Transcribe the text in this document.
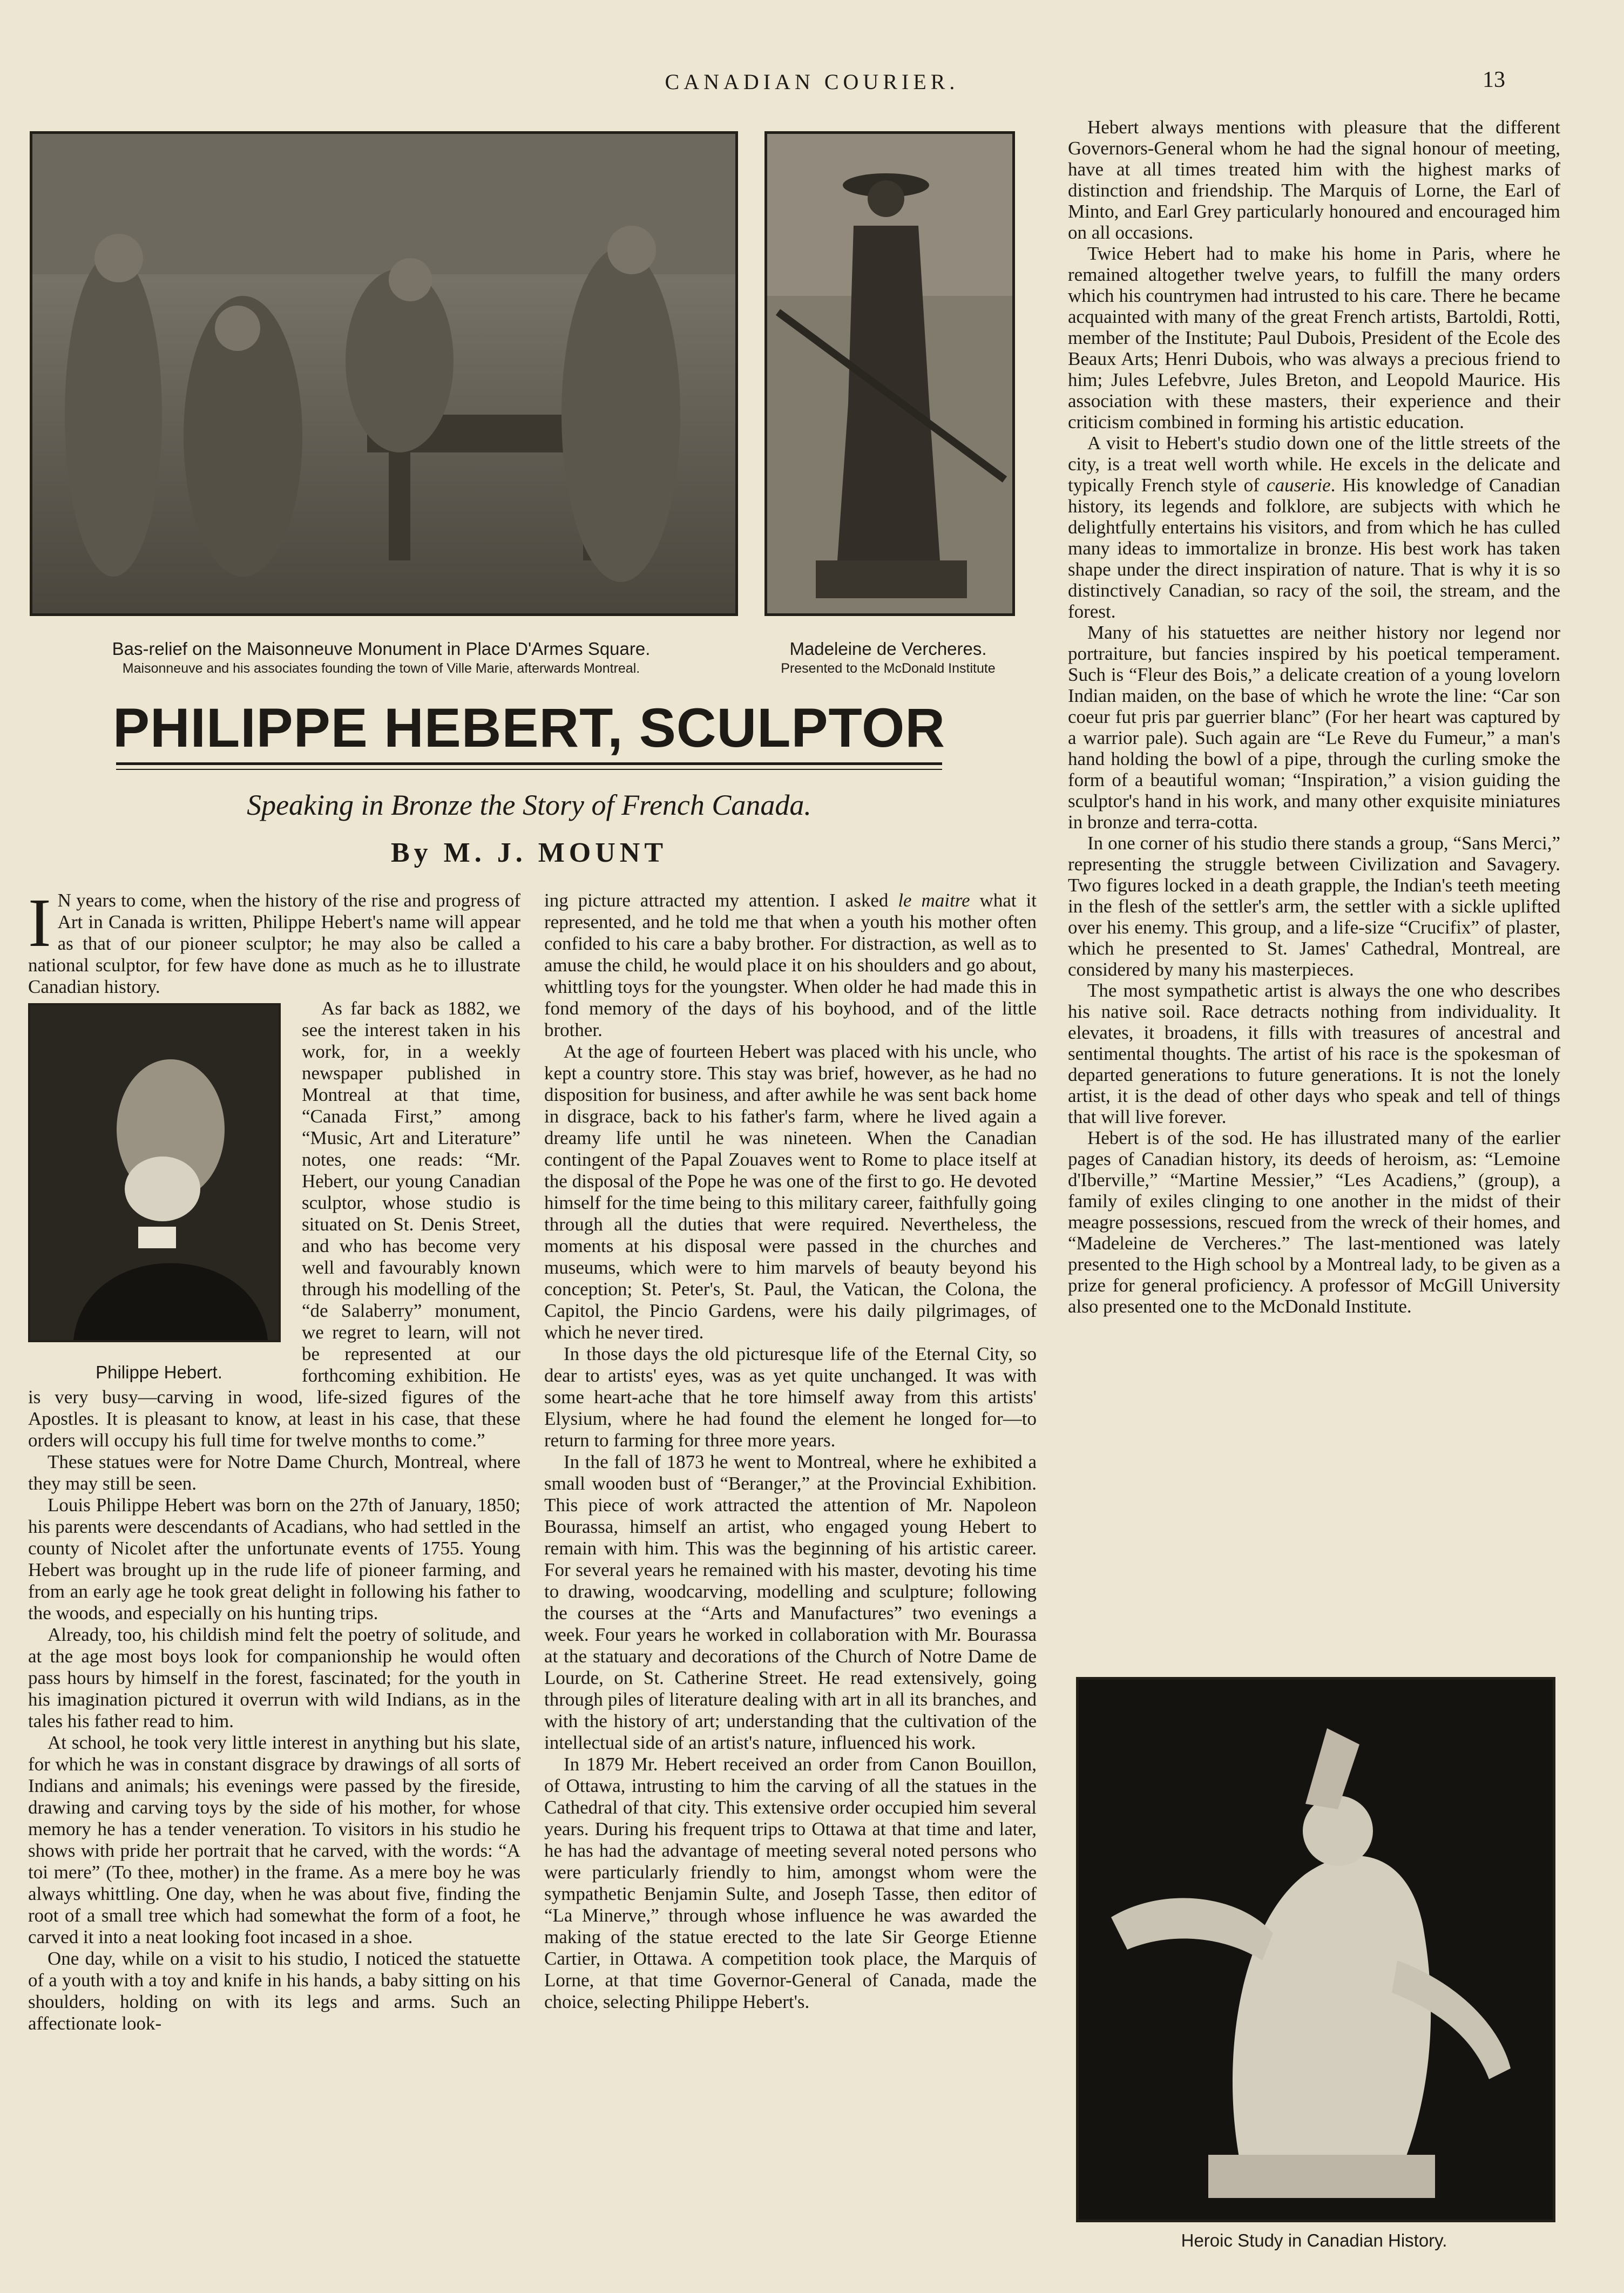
CANADIAN COURIER.	13
Bas-relief on the Maisonneuve Monument in Place D'Armes Square.
Maisonneuve and his associates founding the town of Ville Marie, afterwards Montreal.
Madeleine de Vercheres.
Presented to the McDonald Institute
PHILIPPE HEBERT, SCULPTOR
Speaking in Bronze the Story of French Canada.
By M. J. MOUNT

I N years to come, when the history of the rise and progress of Art in Canada is written, Philippe Hebert's name will appear as that of our pioneer sculptor; he may also be called a national sculptor, for few have done as much as he to illustrate Canadian history.

Philippe Hebert.

As far back as 1882, we see the interest taken in his work, for, in a weekly newspaper published in Montreal at that time, “Canada First,” among “Music, Art and Literature” notes, one reads: “Mr. Hebert, our young Canadian sculptor, whose studio is situated on St. Denis Street, and who has become very well and favourably known through his modelling of the “de Salaberry” monument, we regret to learn, will not be represented at our forthcoming exhibition. He is very busy—carving in wood, life-sized figures of the Apostles. It is pleasant to know, at least in his case, that these orders will occupy his full time for twelve months to come.”

These statues were for Notre Dame Church, Montreal, where they may still be seen.

Louis Philippe Hebert was born on the 27th of January, 1850; his parents were descendants of Acadians, who had settled in the county of Nicolet after the unfortunate events of 1755. Young Hebert was brought up in the rude life of pioneer farming, and from an early age he took great delight in following his father to the woods, and especially on his hunting trips.

Already, too, his childish mind felt the poetry of solitude, and at the age most boys look for companionship he would often pass hours by himself in the forest, fascinated; for the youth in his imagination pictured it overrun with wild Indians, as in the tales his father read to him.

At school, he took very little interest in anything but his slate, for which he was in constant disgrace by drawings of all sorts of Indians and animals; his evenings were passed by the fireside, drawing and carving toys by the side of his mother, for whose memory he has a tender veneration. To visitors in his studio he shows with pride her portrait that he carved, with the words: “A toi mere” (To thee, mother) in the frame. As a mere boy he was always whittling. One day, when he was about five, finding the root of a small tree which had somewhat the form of a foot, he carved it into a neat looking foot incased in a shoe.

One day, while on a visit to his studio, I noticed the statuette of a youth with a toy and knife in his hands, a baby sitting on his shoulders, holding on with its legs and arms. Such an affectionate look-

ing picture attracted my attention. I asked le maitre what it represented, and he told me that when a youth his mother often confided to his care a baby brother. For distraction, as well as to amuse the child, he would place it on his shoulders and go about, whittling toys for the youngster. When older he had made this in fond memory of the days of his boyhood, and of the little brother.

At the age of fourteen Hebert was placed with his uncle, who kept a country store. This stay was brief, however, as he had no disposition for business, and after awhile he was sent back home in disgrace, back to his father's farm, where he lived again a dreamy life until he was nineteen. When the Canadian contingent of the Papal Zouaves went to Rome to place itself at the disposal of the Pope he was one of the first to go. He devoted himself for the time being to this military career, faithfully going through all the duties that were required. Nevertheless, the moments at his disposal were passed in the churches and museums, which were to him marvels of beauty beyond his conception; St. Peter's, St. Paul, the Vatican, the Colona, the Capitol, the Pincio Gardens, were his daily pilgrimages, of which he never tired.

In those days the old picturesque life of the Eternal City, so dear to artists' eyes, was as yet quite unchanged. It was with some heart-ache that he tore himself away from this artists' Elysium, where he had found the element he longed for—to return to farming for three more years.

In the fall of 1873 he went to Montreal, where he exhibited a small wooden bust of “Beranger,” at the Provincial Exhibition. This piece of work attracted the attention of Mr. Napoleon Bourassa, himself an artist, who engaged young Hebert to remain with him. This was the beginning of his artistic career. For several years he remained with his master, devoting his time to drawing, woodcarving, modelling and sculpture; following the courses at the “Arts and Manufactures” two evenings a week. Four years he worked in collaboration with Mr. Bourassa at the statuary and decorations of the Church of Notre Dame de Lourde, on St. Catherine Street. He read extensively, going through piles of literature dealing with art in all its branches, and with the history of art; understanding that the cultivation of the intellectual side of an artist's nature, influenced his work.

In 1879 Mr. Hebert received an order from Canon Bouillon, of Ottawa, intrusting to him the carving of all the statues in the Cathedral of that city. This extensive order occupied him several years. During his frequent trips to Ottawa at that time and later, he has had the advantage of meeting several noted persons who were particularly friendly to him, amongst whom were the sympathetic Benjamin Sulte, and Joseph Tasse, then editor of “La Minerve,” through whose influence he was awarded the making of the statue erected to the late Sir George Etienne Cartier, in Ottawa. A competition took place, the Marquis of Lorne, at that time Governor-General of Canada, made the choice, selecting Philippe Hebert's.

Hebert always mentions with pleasure that the different Governors-General whom he had the signal honour of meeting, have at all times treated him with the highest marks of distinction and friendship. The Marquis of Lorne, the Earl of Minto, and Earl Grey particularly honoured and encouraged him on all occasions.

Twice Hebert had to make his home in Paris, where he remained altogether twelve years, to fulfill the many orders which his countrymen had intrusted to his care. There he became acquainted with many of the great French artists, Bartoldi, Rotti, member of the Institute; Paul Dubois, President of the Ecole des Beaux Arts; Henri Dubois, who was always a precious friend to him; Jules Lefebvre, Jules Breton, and Leopold Maurice. His association with these masters, their experience and their criticism combined in forming his artistic education.

A visit to Hebert's studio down one of the little streets of the city, is a treat well worth while. He excels in the delicate and typically French style of causerie. His knowledge of Canadian history, its legends and folklore, are subjects with which he delightfully entertains his visitors, and from which he has culled many ideas to immortalize in bronze. His best work has taken shape under the direct inspiration of nature. That is why it is so distinctively Canadian, so racy of the soil, the stream, and the forest.

Many of his statuettes are neither history nor legend nor portraiture, but fancies inspired by his poetical temperament. Such is “Fleur des Bois,” a delicate creation of a young lovelorn Indian maiden, on the base of which he wrote the line: “Car son coeur fut pris par guerrier blanc” (For her heart was captured by a warrior pale). Such again are “Le Reve du Fumeur,” a man's hand holding the bowl of a pipe, through the curling smoke the form of a beautiful woman; “Inspiration,” a vision guiding the sculptor's hand in his work, and many other exquisite miniatures in bronze and terra-cotta.

In one corner of his studio there stands a group, “Sans Merci,” representing the struggle between Civilization and Savagery. Two figures locked in a death grapple, the Indian's teeth meeting in the flesh of the settler's arm, the settler with a sickle uplifted over his enemy. This group, and a life-size “Crucifix” of plaster, which he presented to St. James' Cathedral, Montreal, are considered by many his masterpieces.

The most sympathetic artist is always the one who describes his native soil. Race detracts nothing from individuality. It elevates, it broadens, it fills with treasures of ancestral and sentimental thoughts. The artist of his race is the spokesman of departed generations to future generations. It is not the lonely artist, it is the dead of other days who speak and tell of things that will live forever.

Hebert is of the sod. He has illustrated many of the earlier pages of Canadian history, its deeds of heroism, as: “Lemoine d'Iberville,” “Martine Messier,” “Les Acadiens,” (group), a family of exiles clinging to one another in the midst of their meagre possessions, rescued from the wreck of their homes, and “Madeleine de Vercheres.” The last-mentioned was lately presented to the High school by a Montreal lady, to be given as a prize for general proficiency. A professor of McGill University also presented one to the McDonald Institute.

Heroic Study in Canadian History.
